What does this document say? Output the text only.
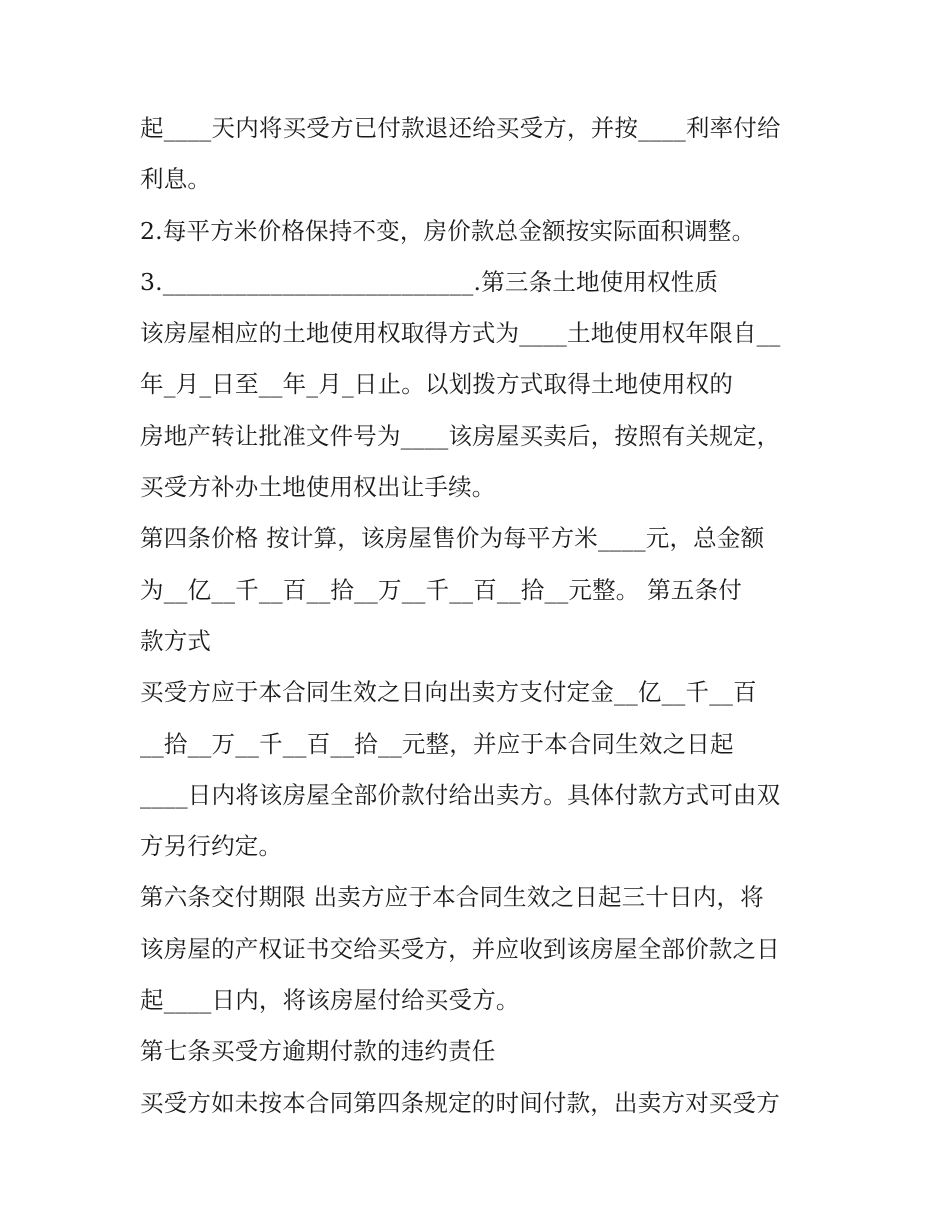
起____天内将买受方已付款退还给买受方，并按____利率付给
利息。
2.每平方米价格保持不变，房价款总金额按实际面积调整。
3.__________________________.第三条土地使用权性质
该房屋相应的土地使用权取得方式为____土地使用权年限自__
年_月_日至__年_月_日止。以划拨方式取得土地使用权的
房地产转让批准文件号为____该房屋买卖后，按照有关规定，
买受方补办土地使用权出让手续。
第四条价格 按计算，该房屋售价为每平方米____元，总金额
为__亿__千__百__拾__万__千__百__拾__元整。 第五条付
款方式
买受方应于本合同生效之日向出卖方支付定金__亿__千__百
__拾__万__千__百__拾__元整，并应于本合同生效之日起
____日内将该房屋全部价款付给出卖方。具体付款方式可由双
方另行约定。
第六条交付期限 出卖方应于本合同生效之日起三十日内，将
该房屋的产权证书交给买受方，并应收到该房屋全部价款之日
起____日内，将该房屋付给买受方。
第七条买受方逾期付款的违约责任
买受方如未按本合同第四条规定的时间付款，出卖方对买受方
